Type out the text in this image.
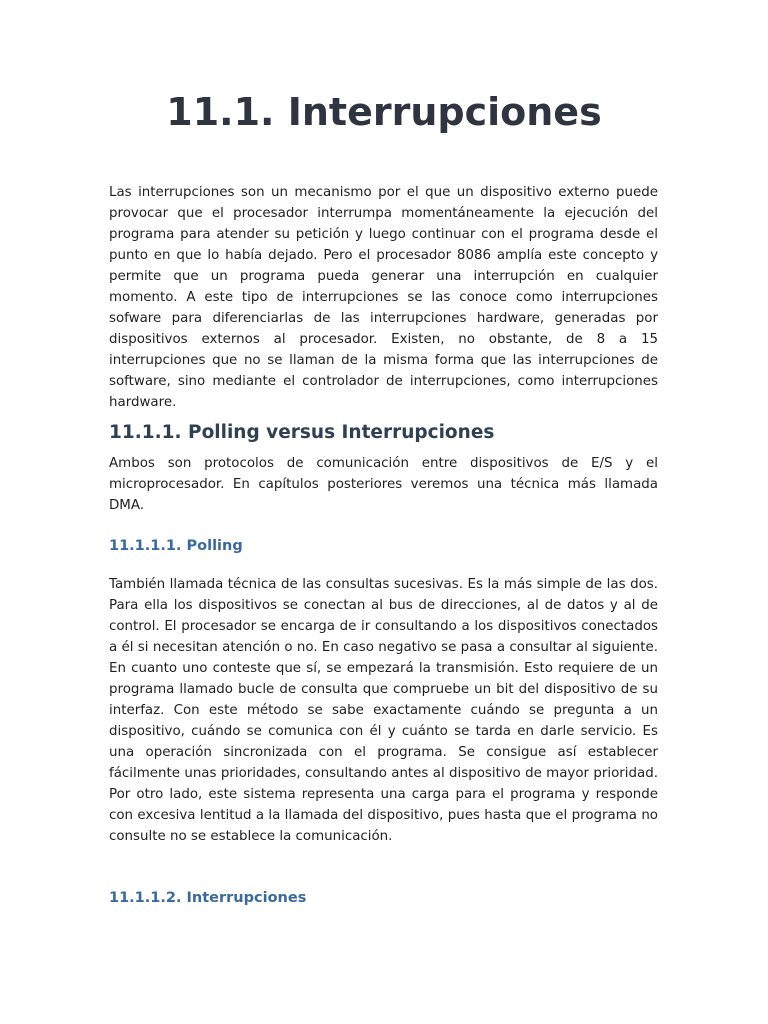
11.1. Interrupciones

Las interrupciones son un mecanismo por el que un dispositivo externo puede provocar que el procesador interrumpa momentáneamente la ejecución del programa para atender su petición y luego continuar con el programa desde el punto en que lo había dejado. Pero el procesador 8086 amplía este concepto y permite que un programa pueda generar una interrupción en cualquier momento. A este tipo de interrupciones se las conoce como interrupciones sofware para diferenciarlas de las interrupciones hardware, generadas por dispositivos externos al procesador. Existen, no obstante, de 8 a 15 interrupciones que no se llaman de la misma forma que las interrupciones de software, sino mediante el controlador de interrupciones, como interrupciones hardware.

11.1.1. Polling versus Interrupciones

Ambos son protocolos de comunicación entre dispositivos de E/S y el microprocesador. En capítulos posteriores veremos una técnica más llamada DMA.

11.1.1.1. Polling

También llamada técnica de las consultas sucesivas. Es la más simple de las dos. Para ella los dispositivos se conectan al bus de direcciones, al de datos y al de control. El procesador se encarga de ir consultando a los dispositivos conectados a él si necesitan atención o no. En caso negativo se pasa a consultar al siguiente. En cuanto uno conteste que sí, se empezará la transmisión. Esto requiere de un programa llamado bucle de consulta que compruebe un bit del dispositivo de su interfaz. Con este método se sabe exactamente cuándo se pregunta a un dispositivo, cuándo se comunica con él y cuánto se tarda en darle servicio. Es una operación sincronizada con el programa. Se consigue así establecer fácilmente unas prioridades, consultando antes al dispositivo de mayor prioridad. Por otro lado, este sistema representa una carga para el programa y responde con excesiva lentitud a la llamada del dispositivo, pues hasta que el programa no consulte no se establece la comunicación.

11.1.1.2. Interrupciones
